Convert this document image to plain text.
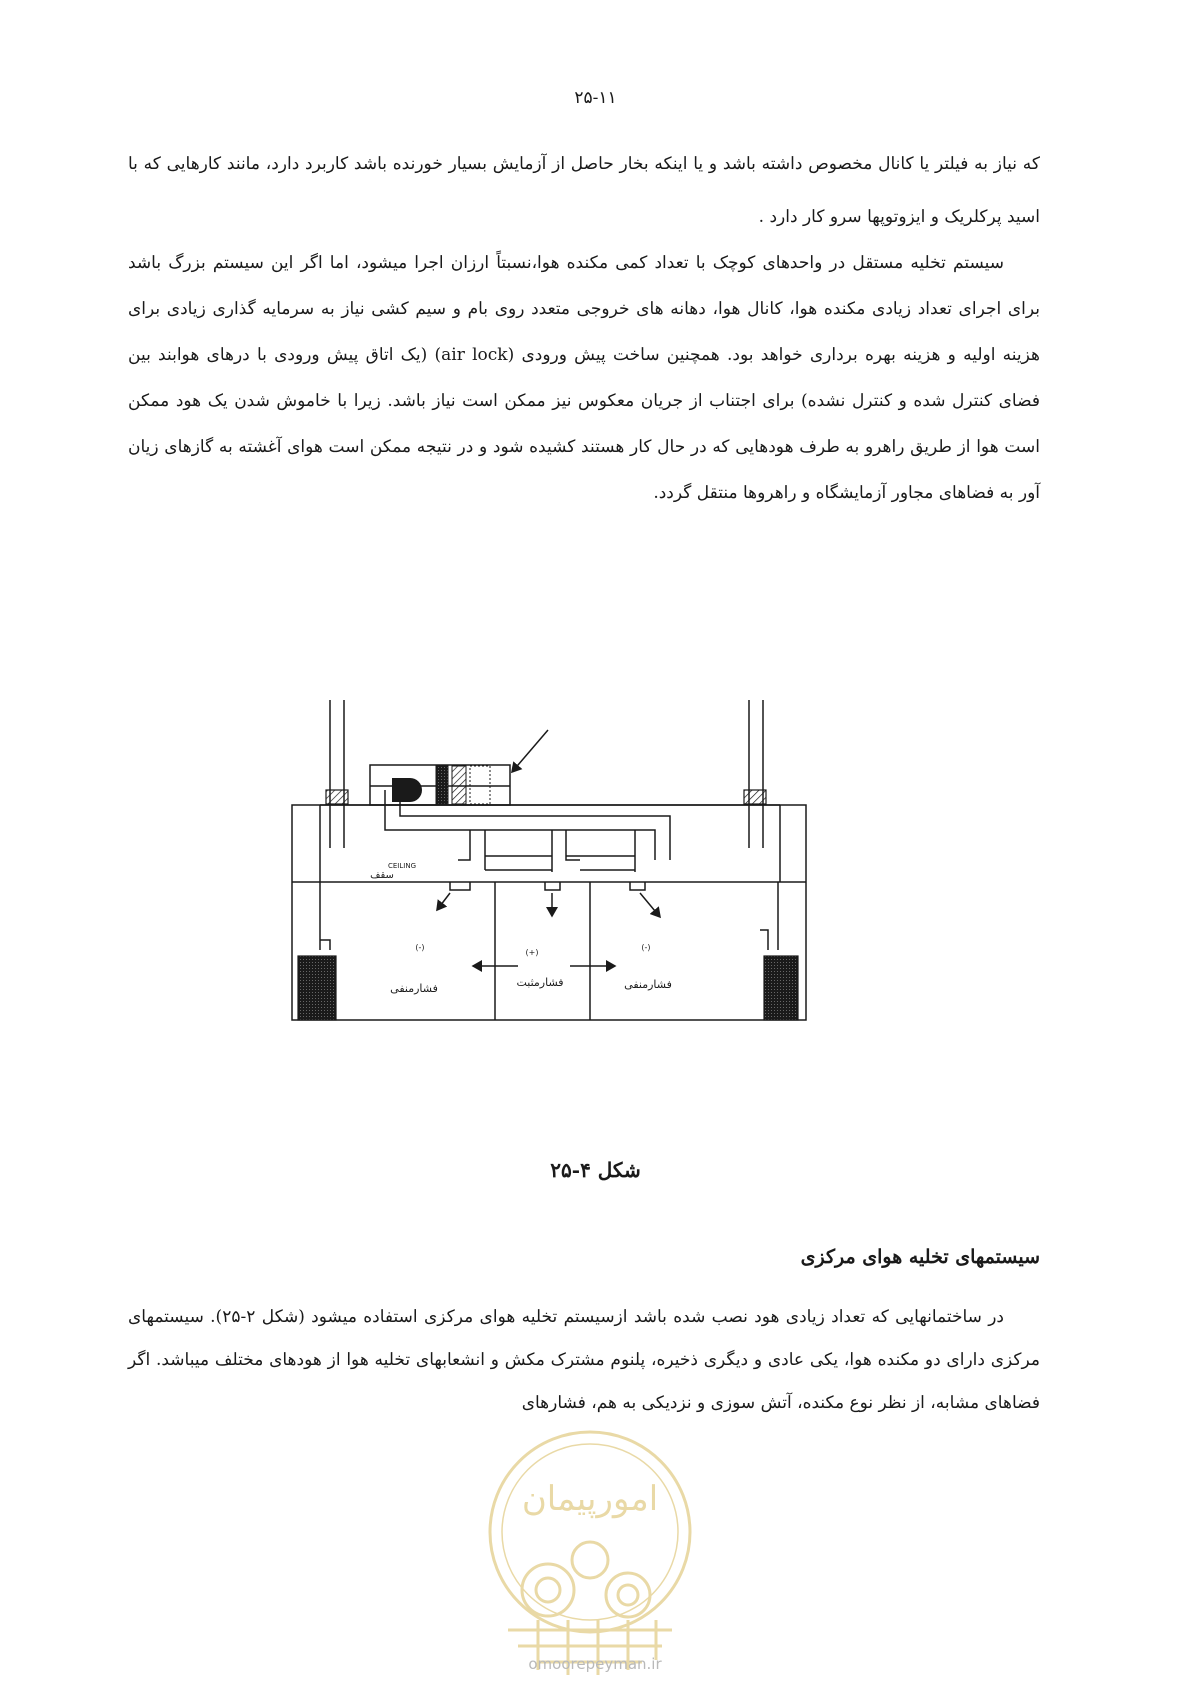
۲۵-۱۱

که نیاز به فیلتر یا کانال مخصوص داشته باشد و یا اینکه بخار حاصل از آزمایش بسیار خورنده باشد کاربرد دارد، مانند کارهایی که با اسید پرکلریک و ایزوتوپها سرو کار دارد .

سیستم تخلیه مستقل در واحدهای کوچک با تعداد کمی مکنده هوا،نسبتاً ارزان اجرا میشود، اما اگر این سیستم بزرگ باشد برای اجرای تعداد زیادی مکنده هوا، کانال هوا، دهانه های خروجی متعدد روی بام و سیم کشی نیاز به سرمایه گذاری زیادی برای هزینه اولیه و هزینه بهره برداری خواهد بود. همچنین ساخت پیش ورودی (air lock) (یک اتاق پیش ورودی با درهای هوابند بین فضای کنترل شده و کنترل نشده) برای اجتناب از جریان معکوس نیز ممکن است نیاز باشد. زیرا با خاموش شدن یک هود ممکن است هوا از طریق راهرو به طرف هودهایی که در حال کار هستند کشیده شود و در نتیجه ممکن است هوای آغشته به گازهای زیان آور به فضاهای مجاور آزمایشگاه و راهروها منتقل گردد.

CEILING
سقف
(-)
(+)
(-)
فشارمنفی	فشارمثبت	فشارمنفی
شکل ۴-۲۵
سیستمهای تخلیه هوای مرکزی

در ساختمانهایی که تعداد زیادی هود نصب شده باشد ازسیستم تخلیه هوای مرکزی استفاده میشود (شکل ۲-۲۵). سیستمهای مرکزی دارای دو مکنده هوا، یکی عادی و دیگری ذخیره، پلنوم مشترک مکش و انشعابهای تخلیه هوا از هودهای مختلف میباشد. اگر فضاهای مشابه، از نظر نوع مکنده، آتش سوزی و نزدیکی به هم، فشارهای

امورپیمان
omoorepeyman.ir
